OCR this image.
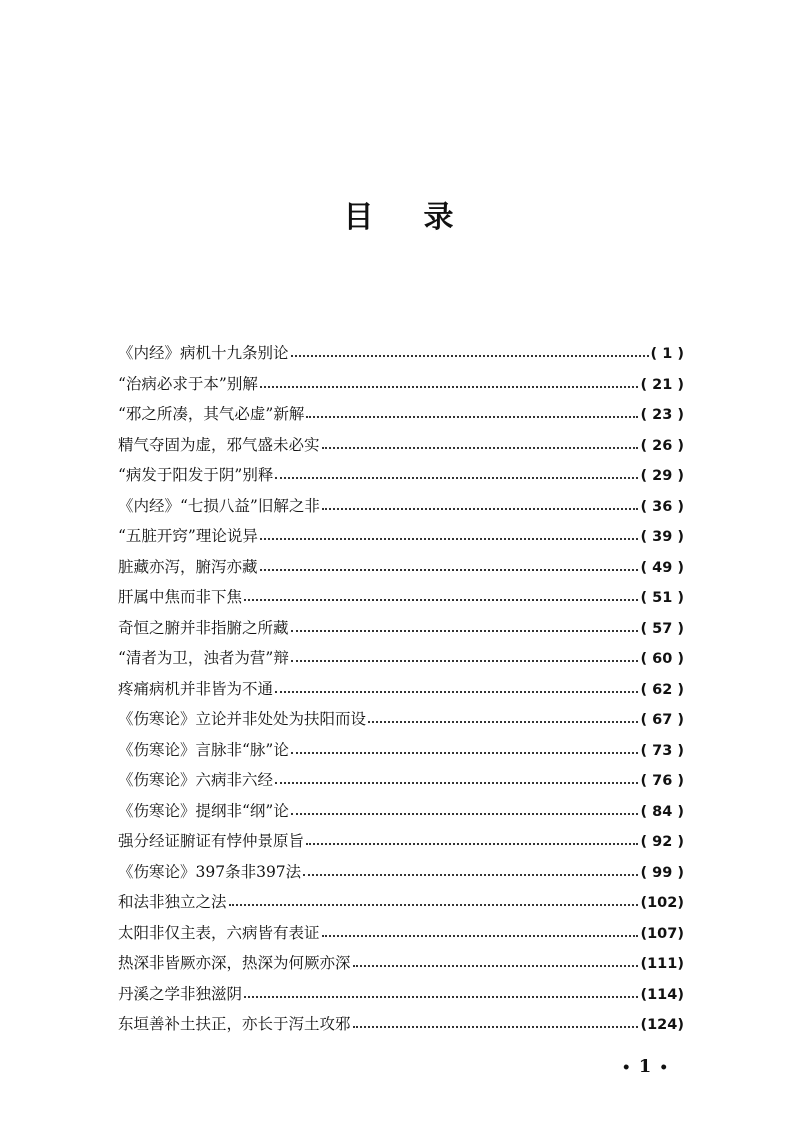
目录
《内经》病机十九条别论	( 1 )
“治病必求于本”别解	( 21 )
“邪之所凑，其气必虚”新解	( 23 )
精气夺固为虚，邪气盛未必实	( 26 )
“病发于阳发于阴”别释	( 29 )
《内经》“七损八益”旧解之非	( 36 )
“五脏开窍”理论说异	( 39 )
脏藏亦泻，腑泻亦藏	( 49 )
肝属中焦而非下焦	( 51 )
奇恒之腑并非指腑之所藏	( 57 )
“清者为卫，浊者为营”辩	( 60 )
疼痛病机并非皆为不通	( 62 )
《伤寒论》立论并非处处为扶阳而设	( 67 )
《伤寒论》言脉非“脉”论	( 73 )
《伤寒论》六病非六经	( 76 )
《伤寒论》提纲非“纲”论	( 84 )
强分经证腑证有悖仲景原旨	( 92 )
《伤寒论》397条非397法	( 99 )
和法非独立之法	(102)
太阳非仅主表，六病皆有表证	(107)
热深非皆厥亦深，热深为何厥亦深	(111)
丹溪之学非独滋阴	(114)
东垣善补土扶正，亦长于泻土攻邪	(124)
• 1 •
